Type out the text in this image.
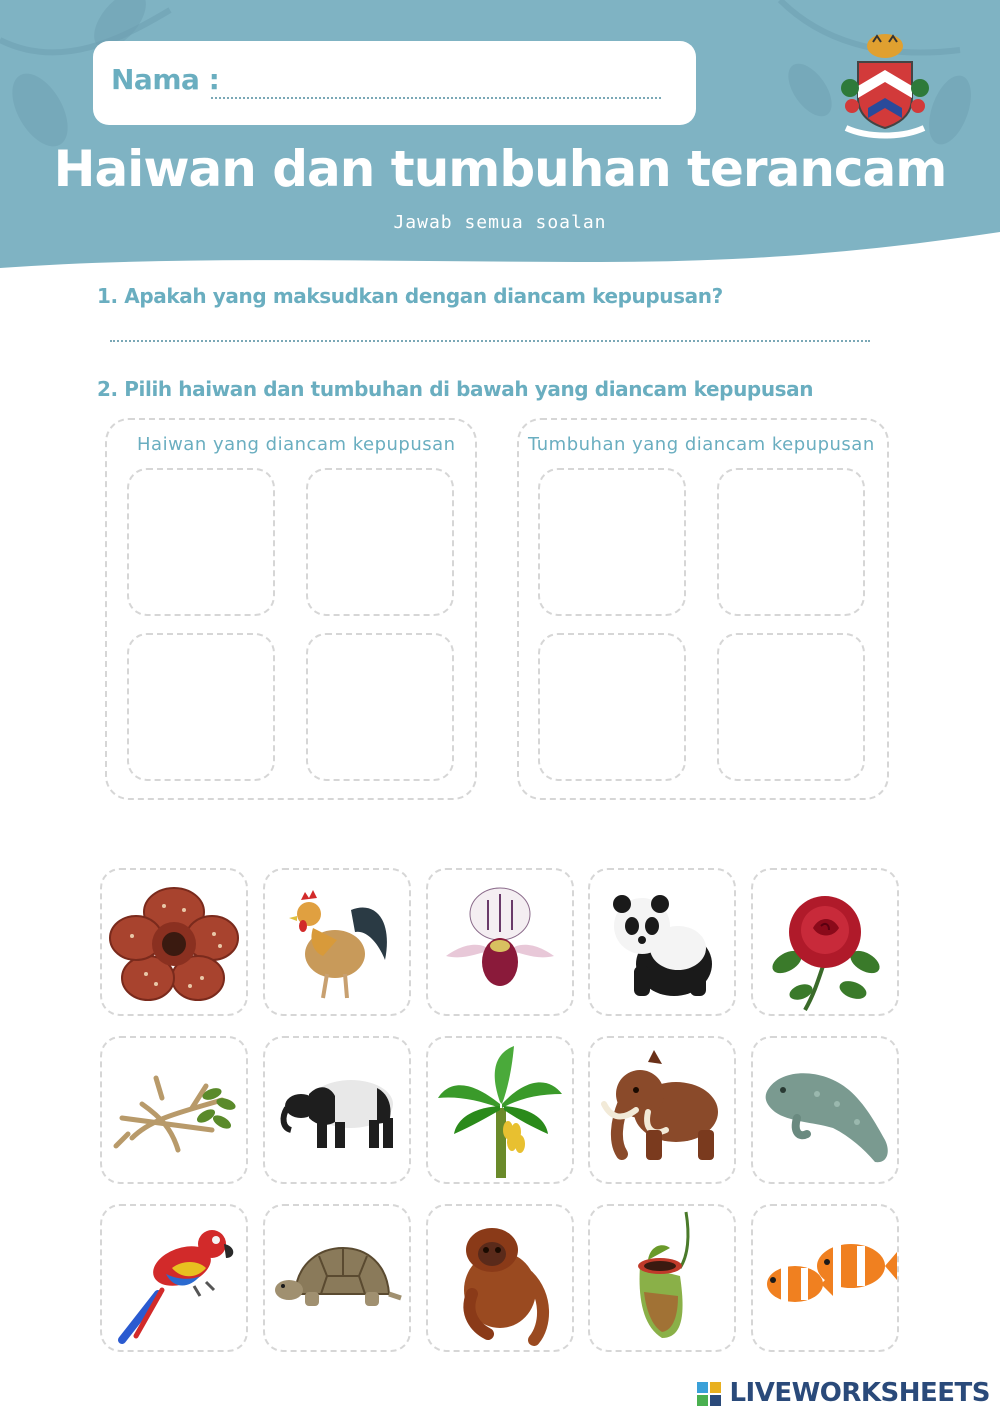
Nama :
Haiwan dan tumbuhan terancam
Jawab semua soalan
1. Apakah yang maksudkan dengan diancam kepupusan?
2. Pilih haiwan dan tumbuhan di bawah yang diancam kepupusan
Haiwan yang diancam kepupusan	Tumbuhan yang diancam kepupusan
LIVEWORKSHEETS
